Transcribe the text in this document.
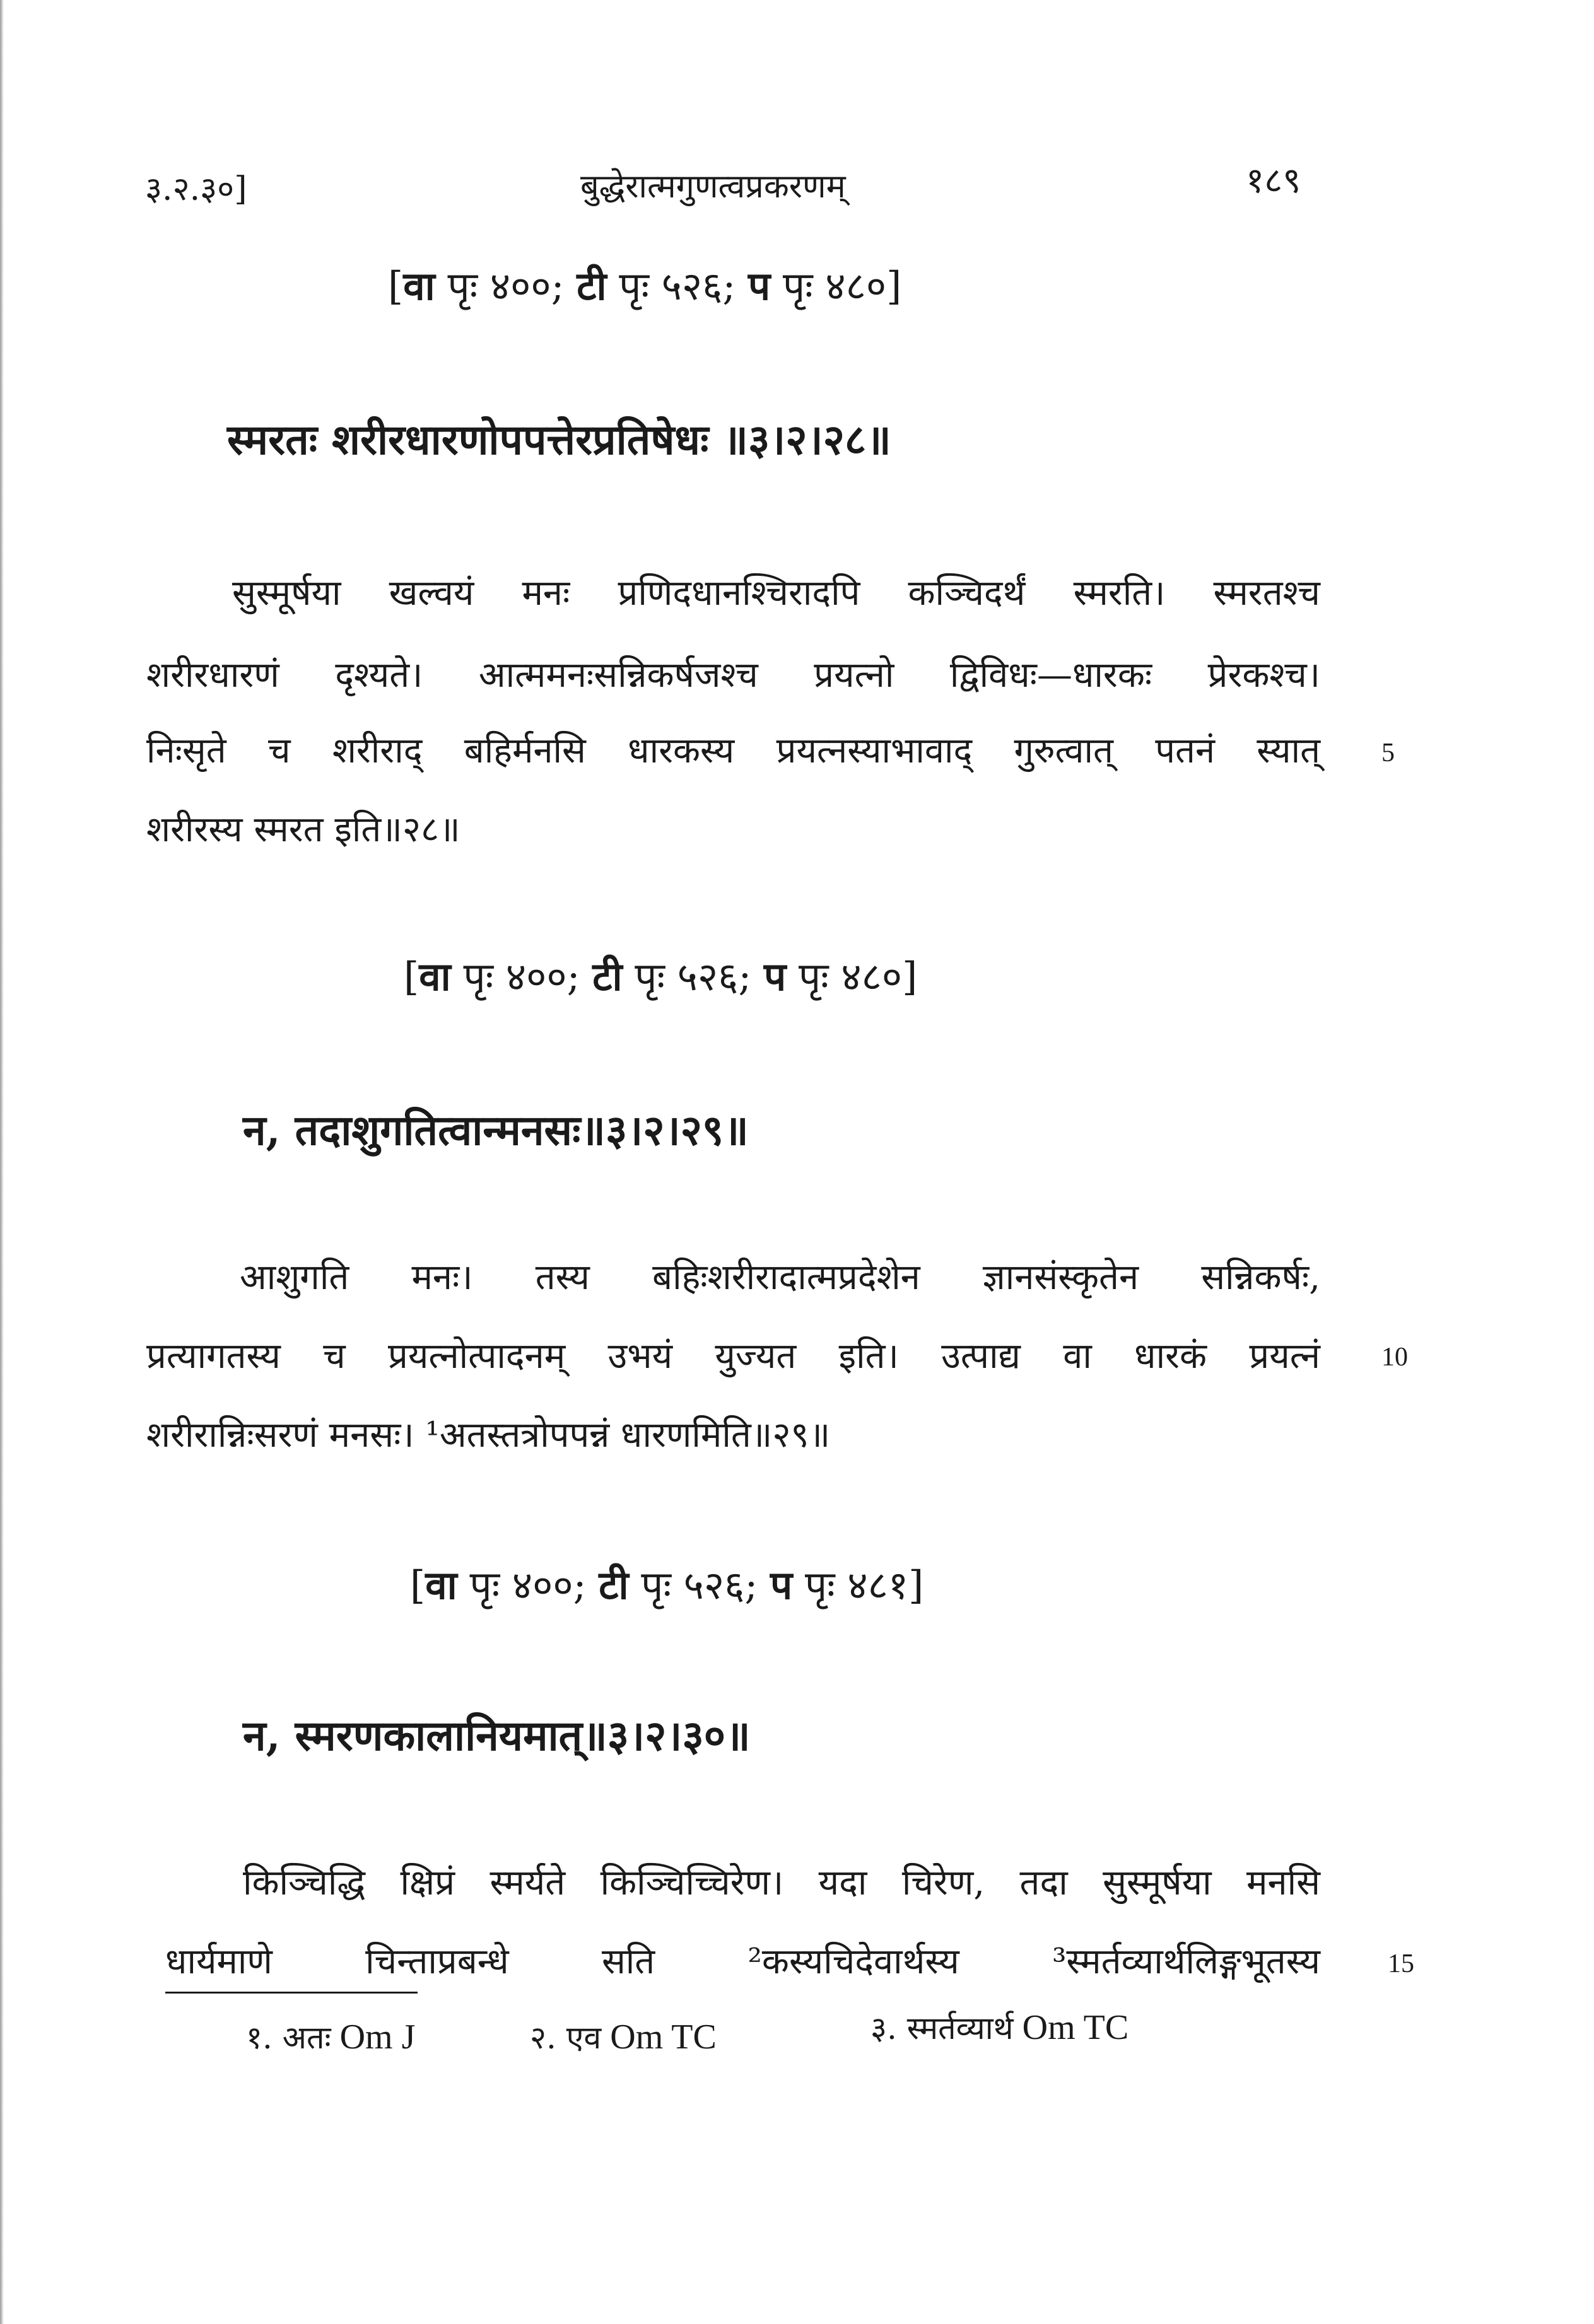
३.२.३०]	बुद्धेरात्मगुणत्वप्रकरणम्	१८९
[वा पृः ४००; टी पृः ५२६; प पृः ४८०]
स्मरतः शरीरधारणोपपत्तेरप्रतिषेधः ॥३।२।२८॥
सुस्मूर्षया खल्वयं मनः प्रणिदधानश्चिरादपि कञ्चिदर्थं स्मरति। स्मरतश्च
शरीरधारणं दृश्यते। आत्ममनःसन्निकर्षजश्च प्रयत्नो द्विविधः—धारकः प्रेरकश्च।
निःसृते च शरीराद् बहिर्मनसि धारकस्य प्रयत्नस्याभावाद् गुरुत्वात् पतनं स्यात् 5
शरीरस्य स्मरत इति॥२८॥
[वा पृः ४००; टी पृः ५२६; प पृः ४८०]
न, तदाशुगतित्वान्मनसः॥३।२।२९॥
आशुगति मनः। तस्य बहिःशरीरादात्मप्रदेशेन ज्ञानसंस्कृतेन सन्निकर्षः,
प्रत्यागतस्य च प्रयत्नोत्पादनम् उभयं युज्यत इति। उत्पाद्य वा धारकं प्रयत्नं 10
शरीरान्निःसरणं मनसः। ¹अतस्तत्रोपपन्नं धारणमिति॥२९॥
[वा पृः ४००; टी पृः ५२६; प पृः ४८१]
न, स्मरणकालानियमात्॥३।२।३०॥
किञ्चिद्धि क्षिप्रं स्मर्यते किञ्चिच्चिरेण। यदा चिरेण, तदा सुस्मूर्षया मनसि
धार्यमाणे चिन्ताप्रबन्धे सति ²कस्यचिदेवार्थस्य ³स्मर्तव्यार्थलिङ्गभूतस्य	15
१. अतः Om J	२. एव Om TC	३. स्मर्तव्यार्थ Om TC
